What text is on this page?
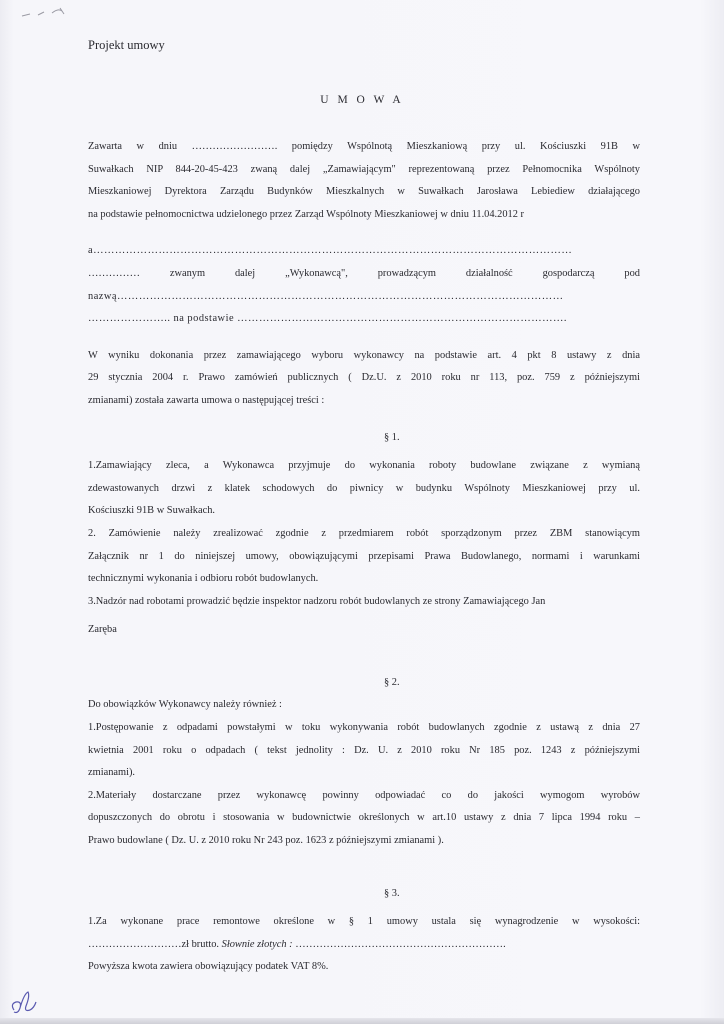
Projekt umowy
U M O W A

Zawarta w dniu ……………………. pomiędzy Wspólnotą Mieszkaniową przy ul. Kościuszki 91B w

Suwałkach NIP 844-20-45-423 zwaną dalej „Zamawiającym" reprezentowaną przez Pełnomocnika Wspólnoty

Mieszkaniowej Dyrektora Zarządu Budynków Mieszkalnych w Suwałkach Jarosława Lebiediew działającego

na podstawie pełnomocnictwa udzielonego przez Zarząd Wspólnoty Mieszkaniowej w dniu 11.04.2012 r

a……………………………………………………………………………………………………………………

…………… zwanym dalej „Wykonawcą", prowadzącym działalność gospodarczą pod

nazwą……………………………………………………………………………………………………………

………………….. na podstawie ……………………………………………………………………………….

W wyniku dokonania przez zamawiającego wyboru wykonawcy na podstawie art. 4 pkt 8 ustawy z dnia

29 stycznia 2004 r. Prawo zamówień publicznych ( Dz.U. z 2010 roku nr 113, poz. 759 z późniejszymi

zmianami) została zawarta umowa o następującej treści :

§ 1.

1.Zamawiający zleca, a Wykonawca przyjmuje do wykonania roboty budowlane związane z wymianą

zdewastowanych drzwi z klatek schodowych do piwnicy w budynku Wspólnoty Mieszkaniowej przy ul.

Kościuszki 91B w Suwałkach.

2. Zamówienie należy zrealizować zgodnie z przedmiarem robót sporządzonym przez ZBM stanowiącym

Załącznik nr 1 do niniejszej umowy, obowiązującymi przepisami Prawa Budowlanego, normami i warunkami

technicznymi wykonania i odbioru robót budowlanych.

3.Nadzór nad robotami prowadzić będzie inspektor nadzoru robót budowlanych ze strony Zamawiającego Jan

Zaręba

§ 2.

Do obowiązków Wykonawcy należy również :

1.Postępowanie z odpadami powstałymi w toku wykonywania robót budowlanych zgodnie z ustawą z dnia 27

kwietnia 2001 roku o odpadach ( tekst jednolity : Dz. U. z 2010 roku Nr 185 poz. 1243 z późniejszymi

zmianami).

2.Materiały dostarczane przez wykonawcę powinny odpowiadać co do jakości wymogom wyrobów

dopuszczonych do obrotu i stosowania w budownictwie określonych w art.10 ustawy z dnia 7 lipca 1994 roku –

Prawo budowlane ( Dz. U. z 2010 roku Nr 243 poz. 1623 z późniejszymi zmianami ).

§ 3.

1.Za wykonane prace remontowe określone w § 1 umowy ustala się wynagrodzenie w wysokości:

………………………zł brutto. Słownie złotych : …………………………………………………….

Powyższa kwota zawiera obowiązujący podatek VAT 8%.
